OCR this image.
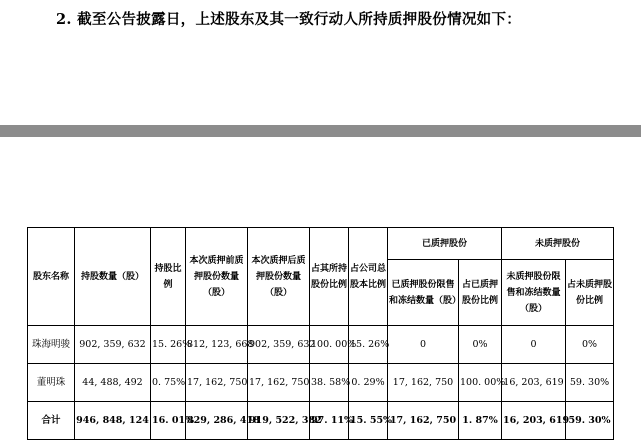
2. 截至公告披露日，上述股东及其一致行动人所持质押股份情况如下：
股东名称	持股数量（股）	持股比例	本次质押前质押股份数量（股）	本次质押后质押股份数量（股）	占其所持股份比例	占公司总股本比例	已质押股份		未质押股份	
							已质押股份限售和冻结数量（股）	占已质押股份比例	未质押股份限售和冻结数量（股）	占未质押股份比例
珠海明骏	902, 359, 632	15. 26%	812, 123, 668	902, 359, 632	100. 00%	15. 26%	0	0%	0	0%
董明珠	44, 488, 492	0. 75%	17, 162, 750	17, 162, 750	38. 58%	0. 29%	17, 162, 750	100. 00%	16, 203, 619	59. 30%
合计	946, 848, 124	16. 01%	829, 286, 418	919, 522, 382	97. 11%	15. 55%	17, 162, 750	1. 87%	16, 203, 619	59. 30%
